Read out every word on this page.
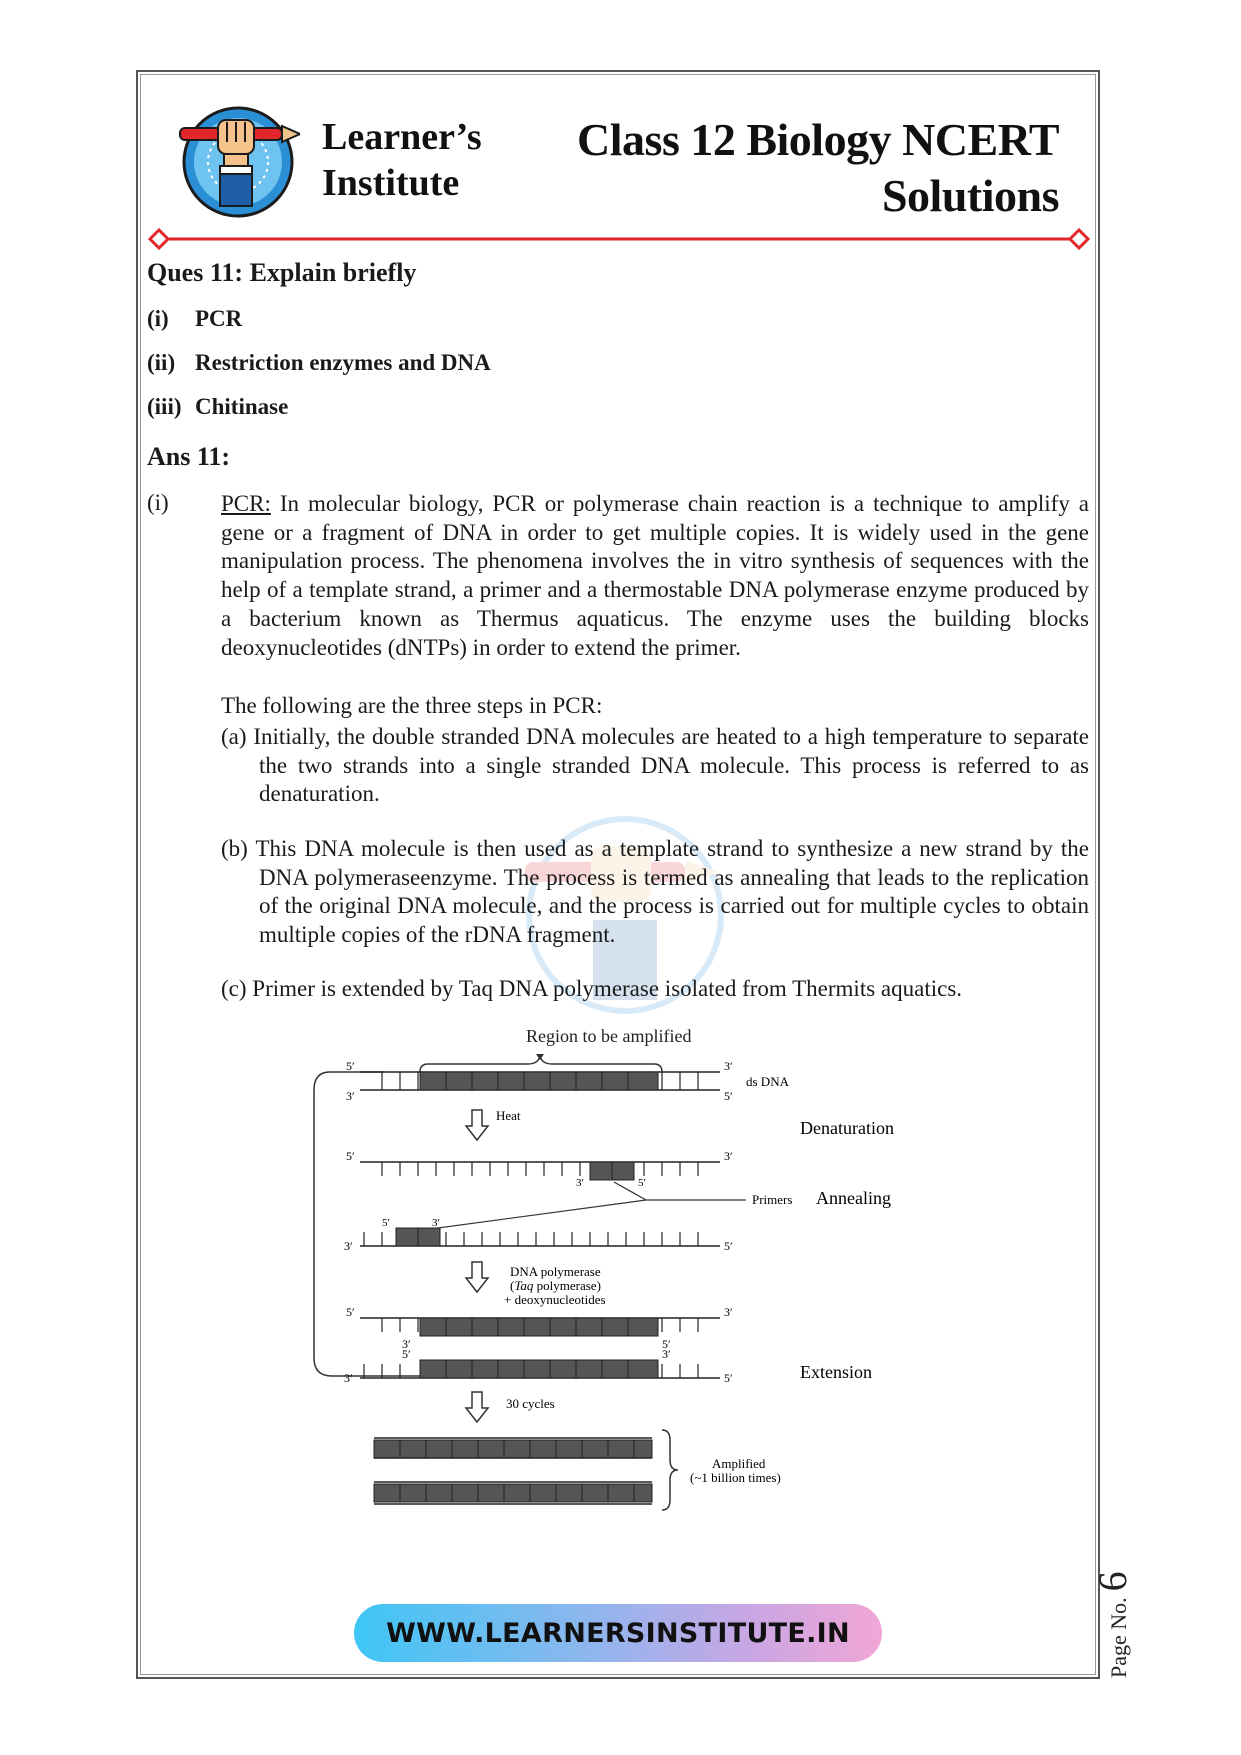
Learner’s
Institute
Class 12 Biology NCERT
Solutions
Ques 11: Explain briefly
(i) PCR
(ii) Restriction enzymes and DNA
(iii) Chitinase
Ans 11:
(i) PCR: In molecular biology, PCR or polymerase chain reaction is a technique to amplify a gene or a fragment of DNA in order to get multiple copies. It is widely used in the gene manipulation process. The phenomena involves the in vitro synthesis of sequences with the help of a template strand, a primer and a thermostable DNA polymerase enzyme produced by a bacterium known as Thermus aquaticus. The enzyme uses the building blocks deoxynucleotides (dNTPs) in order to extend the primer.
The following are the three steps in PCR:
(a) Initially, the double stranded DNA molecules are heated to a high temperature to separate the two strands into a single stranded DNA molecule. This process is referred to as denaturation.
(b) This DNA molecule is then used as a template strand to synthesize a new strand by the DNA polymeraseenzyme. The process is termed as annealing that leads to the replication of the original DNA molecule, and the process is carried out for multiple cycles to obtain multiple copies of the rDNA fragment.
(c) Primer is extended by Taq DNA polymerase isolated from Thermits aquatics.
Region to be amplified
5′
3′
3′
5′
ds DNA
Heat
Denaturation
5′	3′
3′	5′
Primers Annealing
5′	3′
3′	5′
DNA polymerase
(Taq polymerase)
+ deoxynucleotides
5′	3′
3′	5′
Extension
5′	3′
3′	5′
30 cycles
Amplified
(~1 billion times)
WWW.LEARNERSINSTITUTE.IN	Page No.6
